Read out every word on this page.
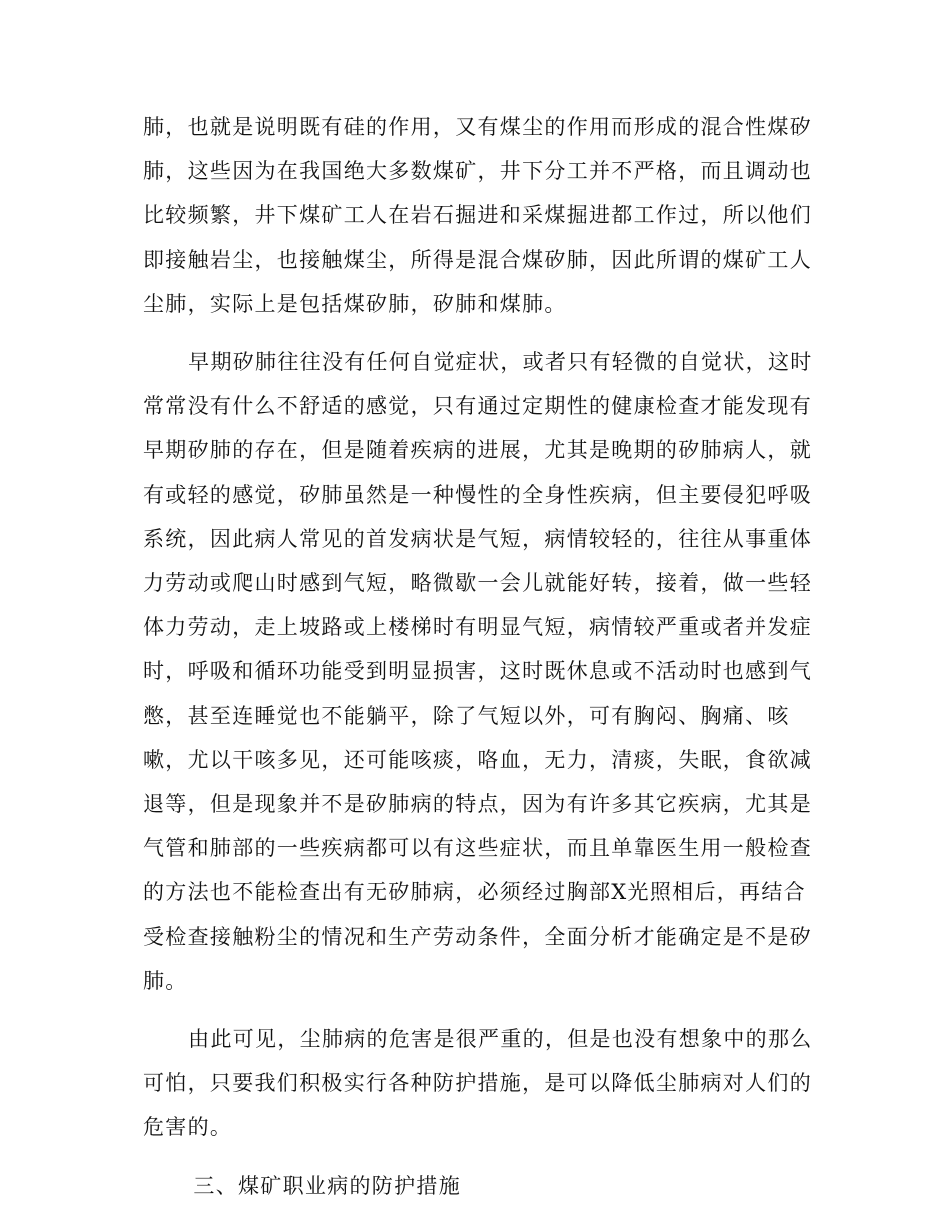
肺，也就是说明既有硅的作用，又有煤尘的作用而形成的混合性煤矽
肺，这些因为在我国绝大多数煤矿，井下分工并不严格，而且调动也
比较频繁，井下煤矿工人在岩石掘进和采煤掘进都工作过，所以他们
即接触岩尘，也接触煤尘，所得是混合煤矽肺，因此所谓的煤矿工人
尘肺，实际上是包括煤矽肺，矽肺和煤肺。

早期矽肺往往没有任何自觉症状，或者只有轻微的自觉状，这时
常常没有什么不舒适的感觉，只有通过定期性的健康检查才能发现有
早期矽肺的存在，但是随着疾病的进展，尤其是晚期的矽肺病人，就
有或轻的感觉，矽肺虽然是一种慢性的全身性疾病，但主要侵犯呼吸
系统，因此病人常见的首发病状是气短，病情较轻的，往往从事重体
力劳动或爬山时感到气短，略微歇一会儿就能好转，接着，做一些轻
体力劳动，走上坡路或上楼梯时有明显气短，病情较严重或者并发症
时，呼吸和循环功能受到明显损害，这时既休息或不活动时也感到气
憋，甚至连睡觉也不能躺平，除了气短以外，可有胸闷、胸痛、咳
嗽，尤以干咳多见，还可能咳痰，咯血，无力，清痰，失眠，食欲减
退等，但是现象并不是矽肺病的特点，因为有许多其它疾病，尤其是
气管和肺部的一些疾病都可以有这些症状，而且单靠医生用一般检查
的方法也不能检查出有无矽肺病，必须经过胸部X光照相后，再结合
受检查接触粉尘的情况和生产劳动条件，全面分析才能确定是不是矽
肺。

由此可见，尘肺病的危害是很严重的，但是也没有想象中的那么
可怕，只要我们积极实行各种防护措施，是可以降低尘肺病对人们的
危害的。

三、煤矿职业病的防护措施
